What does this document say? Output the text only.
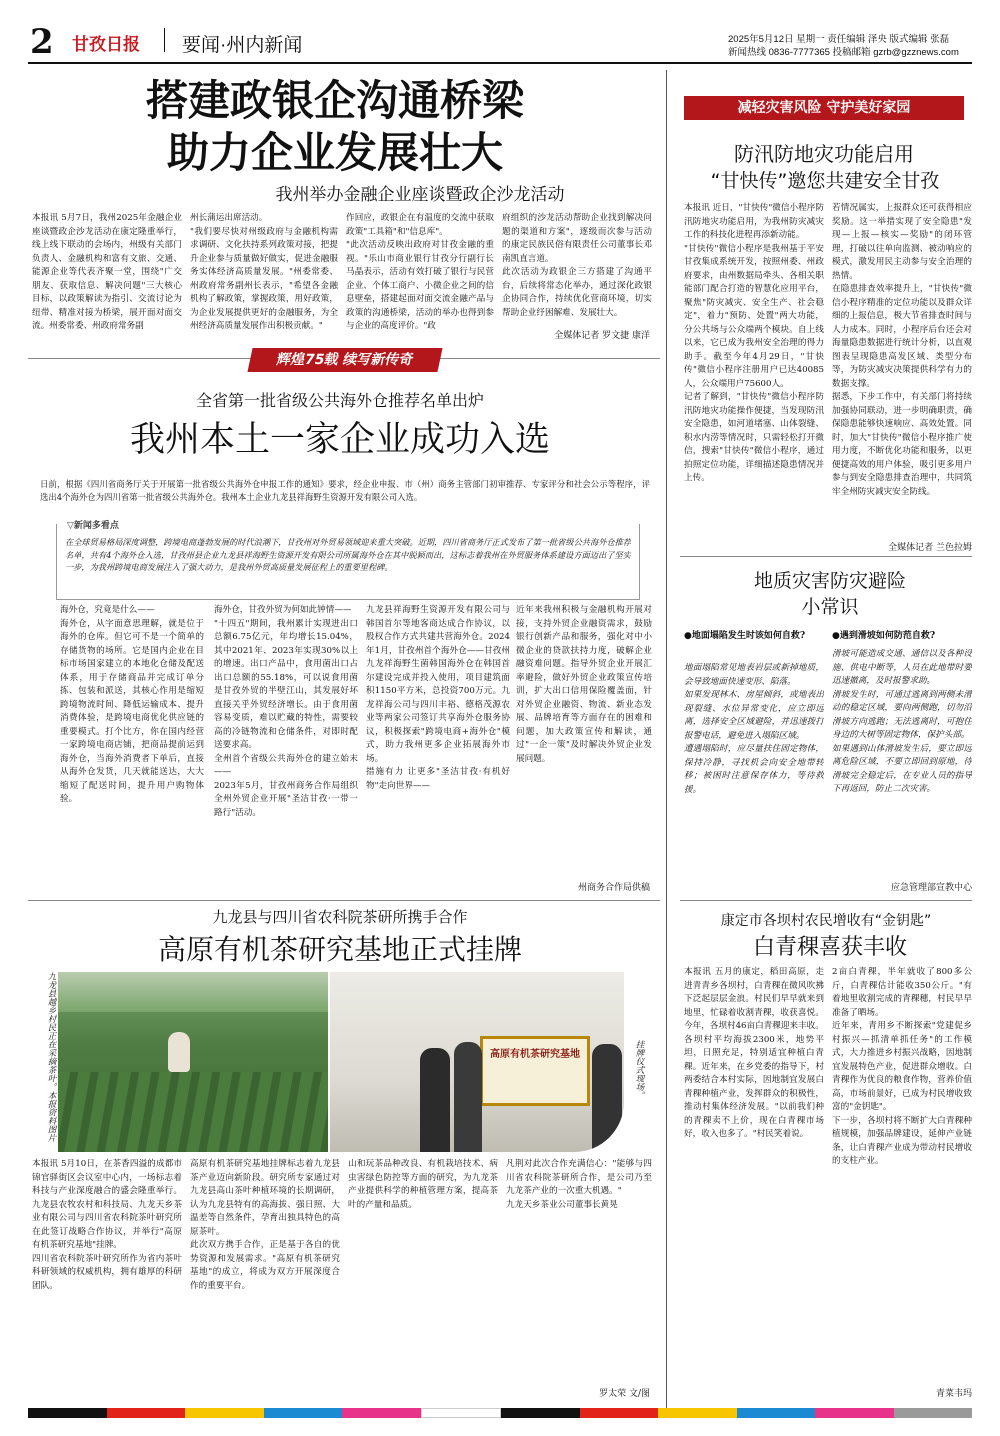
2 甘孜日报 要闻·州内新闻	2025年5月12日 星期一 责任编辑 泽央 版式编辑 张磊
新闻热线 0836-7777365 投稿邮箱 gzrb@gzznews.com
搭建政银企沟通桥梁
助力企业发展壮大
我州举办金融企业座谈暨政企沙龙活动
本报讯 5月7日，我州2025年金融企业座谈暨政企沙龙活动在康定隆重举行，线上线下联动的会场内，州级有关部门负责人、金融机构和富有文旅、交通、能源企业等代表齐聚一堂，围绕"广交朋友、获取信息、解决问题"三大核心目标，以政策解读为指引、交流讨论为纽带、精准对接为桥梁，展开面对面交流。州委常委、州政府常务副
州长蒲运出席活动。
"我们要尽快对州级政府与金融机构需求调研、文化扶持系列政策对接，把提升企业参与质量做好做实，促进金融服务实体经济高质量发展。"州委常委、州政府常务副州长表示，"希望各金融机构了解政策，掌握政策，用好政策，为企业发展提供更好的金融服务，为全州经济高质量发展作出积极贡献。"
作回应，政银企在有温度的交流中获取政策"工具箱"和"信息库"。
"此次活动反映出政府对甘孜金融的重视。"乐山市商业银行甘孜分行副行长马晶表示，活动有效打破了银行与民营企业、个体工商户、小微企业之间的信息壁垒，搭建起面对面交流金融产品与政策的沟通桥梁，活动的举办也得到参与企业的高度评价。"政
府组织的沙龙活动帮助企业找到解决问题的渠道和方案"，逐级而次参与活动的康定民族民俗有限责任公司董事长邓南凯直言道。
此次活动为政银企三方搭建了沟通平台，后续将常态化举办，通过深化政银企协同合作，持续优化营商环境，切实帮助企业纾困解难、发展壮大。
全媒体记者 罗文捷 康洋
辉煌75载 续写新传奇
全省第一批省级公共海外仓推荐名单出炉
我州本土一家企业成功入选
日前，根据《四川省商务厅关于开展第一批省级公共海外仓申报工作的通知》要求，经企业申报、市（州）商务主管部门初审推荐、专家评分和社会公示等程序，评选出4个海外仓为四川省第一批省级公共海外仓。我州本土企业九龙县祥海野生资源开发有限公司入选。
▽新闻多看点
在全球贸易格局深度调整，跨境电商蓬勃发展的时代浪潮下，甘孜州对外贸易领域迎来重大突破。近期，四川省商务厅正式发布了第一批省级公共海外仓推荐名单，共有4个海外仓入选，甘孜州县企业九龙县祥海野生资源开发有限公司所属海外仓在其中脱颖而出，这标志着我州在外贸服务体系建设方面迈出了坚实一步，为我州跨境电商发展注入了强大动力，是我州外贸高质量发展征程上的重要里程碑。
海外仓，究竟是什么——
海外仓，从字面意思理解，就是位于海外的仓库。但它可不是一个简单的存储货物的场所。它是国内企业在目标市场国家建立的本地化仓储及配送体系，用于存储商品并完成订单分拣、包装和派送，其核心作用是缩短跨境物流时间、降低运输成本、提升消费体验，是跨境电商优化供应链的重要模式。打个比方，你在国内经营一家跨境电商店铺，把商品提前运到海外仓，当海外消费者下单后，直接从海外仓发货，几天就能送达，大大缩短了配送时间，提升用户购物体验。
海外仓，甘孜外贸为何如此钟情——
"十四五"期间，我州累计实现进出口总额6.75亿元，年均增长15.04%，其中2021年、2023年实现30%以上的增速。出口产品中，食用菌出口占出口总额的55.18%，可以说食用菌是甘孜外贸的半壁江山，其发展好坏直接关乎外贸经济增长。由于食用菌容易变质，难以贮藏的特性，需要较高的冷链物流和仓储条件，对即时配送要求高。
全州首个省级公共海外仓的建立始末——
2023年5月，甘孜州商务合作局组织全州外贸企业开展"圣洁甘孜·一带一路行"活动。
九龙县祥海野生资源开发有限公司与韩国首尔等地客商达成合作协议，以股权合作方式共建共营海外仓。2024年1月，甘孜州首个海外仓——甘孜州九龙祥海野生菌韩国海外仓在韩国首尔建设完成并投入使用，项目建筑面积1150平方米，总投资700万元。九龙祥海公司与四川丰裕、德格茂源农业等两家公司签订共享海外仓服务协议，积极探索"跨境电商+海外仓"模式，助力我州更多企业拓展海外市场。
措施有力 让更多"圣洁甘孜·有机好物"走向世界——
近年来我州积极与金融机构开展对接，支持外贸企业融资需求，鼓励银行创新产品和服务，强化对中小微企业的贷款扶持力度，破解企业融资难问题。指导外贸企业开展汇率避险，做好外贸企业政策宣传培训，扩大出口信用保险覆盖面，针对外贸企业融资、物流、新业态发展、品牌培育等方面存在的困难和问题，加大政策宣传和解读，通过"一企一策"及时解决外贸企业发展问题。
州商务合作局供稿
九龙县与四川省农科院茶研所携手合作
高原有机茶研究基地正式挂牌
九龙县越乡村民正在采摘茶叶。本报资料图片	高原有机茶研究基地	挂牌仪式现场。
本报讯 5月10日，在茶香四溢的成都市锦官驿街区会议室中心内，一场标志着科技与产业深度融合的盛会隆重举行。九龙县农牧农村和科技局、九龙天乡茶业有限公司与四川省农科院茶叶研究所在此签订战略合作协议，并举行"高原有机茶研究基地"挂牌。
四川省农科院茶叶研究所作为省内茶叶科研领域的权威机构，拥有雄厚的科研团队。
高原有机茶研究基地挂牌标志着九龙县茶产业迈向新阶段。研究所专家通过对九龙县高山茶叶种植环境的长期调研，认为九龙县特有的高海拔、强日照、大温差等自然条件，孕育出独具特色的高原茶叶。
此次双方携手合作，正是基于各自的优势资源和发展需求。"高原有机茶研究基地"的成立，将成为双方开展深度合作的重要平台。
山和玩茶品种改良、有机栽培技术、病虫害绿色防控等方面的研究，为九龙茶产业提供科学的种植管理方案，提高茶叶的产量和品质。
凡荆对此次合作充满信心："能够与四川省农科院茶研所合作，是公司乃至九龙茶产业的一次重大机遇。"
九龙天乡茶业公司董事长黄晃
罗太荣 文/图
减轻灾害风险 守护美好家园
防汛防地灾功能启用
“甘快传”邀您共建安全甘孜
本报讯 近日，"甘快传"微信小程序防汛防地灾功能启用，为我州防灾减灾工作的科技化进程再添新动能。
"甘快传"微信小程序是我州基于平安甘孜集成系统开发，按照州委、州政府要求，由州数据局牵头、各相关职能部门配合打造的智慧化应用平台，聚焦"防灾减灾、安全生产、社会稳定"，着力"预防、处置"两大功能，分公共场与公众端两个模块。自上线以来，它已成为我州安全治理的得力助手。截至今年4月29日，"甘快传"微信小程序注册用户已达40085人，公众端用户75600人。
记者了解到，"甘快传"微信小程序防汛防地灾功能操作便捷，当发现防汛安全隐患，如河道堵塞、山体裂缝、积水内涝等情况时，只需轻松打开微信，搜索"甘快传"微信小程序，通过拍照定位功能，详细描述隐患情况并上传。
若情况属实，上报群众还可获得相应奖励。这一举措实现了安全隐患"发现—上报—核实—奖励"的闭环管理，打破以往单向监测、被动响应的模式，激发用民主动参与安全治理的热情。
在隐患排查效率提升上，"甘快传"微信小程序精准的定位功能以及群众详细的上报信息，极大节省排查时间与人力成本。同时，小程序后台还会对海量隐患数据进行统计分析，以直观图表呈现隐患高发区域、类型分布等，为防灾减灾决策提供科学有力的数据支撑。
据悉，下步工作中，有关部门将持续加强协同联动，进一步明确职责，确保隐患能够快速响应、高效处置。同时，加大"甘快传"微信小程序推广使用力度，不断优化功能和服务，以更便捷高效的用户体验，吸引更多用户参与到安全隐患排查治理中，共同筑牢全州防灾减灾安全防线。
全媒体记者 兰色拉姆
地质灾害防灾避险
小常识
●地面塌陷发生时该如何自救?
地面塌陷常见地表岩层或新掉地质，会导致地面快速变形、陷落。
如果发现林木、房屋倾斜，或地表出现裂缝、水位异常变化，应立即远离，选择安全区域避险，并迅速拨打报警电话，避免进入塌陷区域。
遭遇塌陷时，应尽量扶住固定物体，保持冷静，寻找机会向安全地带转移；被困时注意保存体力，等待救援。
●遇到滑坡如何防范自救?
滑坡可能造成交通、通信以及各种设施、供电中断等，人员在此地带时要迅速撤离，及时报警求助。
滑坡发生时，可通过逃离到两侧未滑动的稳定区域，要向两侧跑，切勿沿滑坡方向逃跑；无法逃离时，可抱住身边的大树等固定物体，保护头部。
如果遇到山体滑坡发生后，要立即远离危险区域，不要立即回到原地，待滑坡完全稳定后，在专业人员的指导下再返回，防止二次灾害。
应急管理部宣教中心
康定市各坝村农民增收有“金钥匙”
白青稞喜获丰收
本报讯 五月的康定，稻田高原，走进青青乡各坝村，白青稞在微风吹拂下泛起层层金浪。村民们早早就来到地里，忙碌着收割青稞，收获喜悦。今年，各坝村46亩白青稞迎来丰收。
各坝村平均海拔2300米，地势平坦，日照充足，特别适宜种植白青稞。近年来，在乡党委的指导下，村两委结合本村实际，因地制宜发展白青稞种植产业，发挥群众的积极性，推动村集体经济发展。"以前我们种的青稞卖不上价，现在白青稞市场好，收入也多了。"村民笑着说。
2亩白青稞，半年就收了800多公斤，白青稞估计能收350公斤。"有着地里收割完成的青稞穗，村民早早准备了晒场。
近年来，青用乡不断探索"党建促乡村振兴—抓清单抓任务"的工作模式，大力推进乡村振兴战略，因地制宜发展特色产业，促进群众增收。白青稞作为优良的粮食作物，营养价值高，市场前景好，已成为村民增收致富的"金钥匙"。
下一步，各坝村将不断扩大白青稞种植规模，加强品牌建设，延伸产业链条，让白青稞产业成为带动村民增收的支柱产业。
青菜韦玛
